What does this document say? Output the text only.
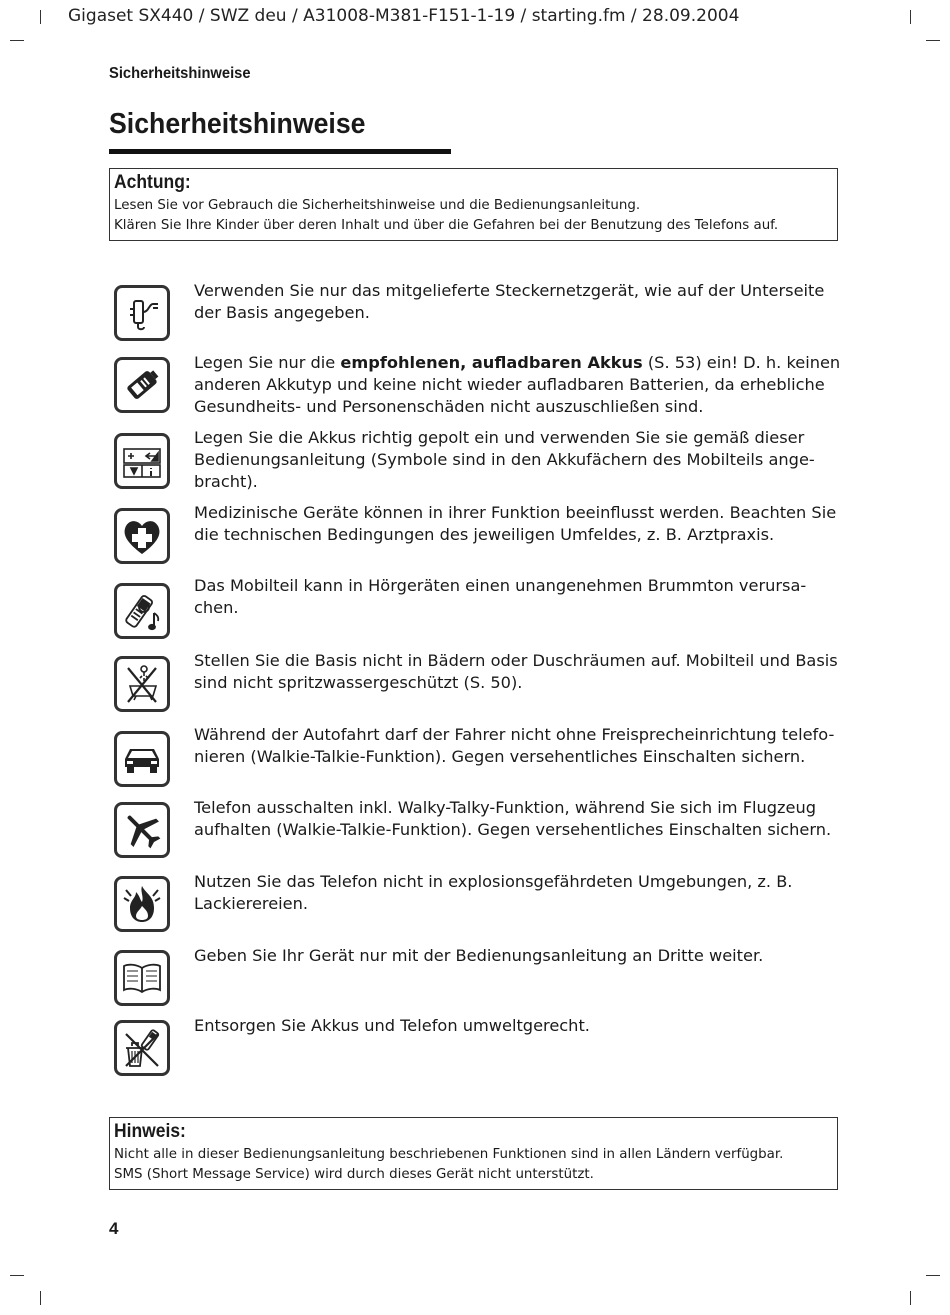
Gigaset SX440 / SWZ deu / A31008-M381-F151-1-19 / starting.fm / 28.09.2004
Sicherheitshinweise
Sicherheitshinweise
Achtung:

Lesen Sie vor Gebrauch die Sicherheitshinweise und die Bedienungsanleitung.

Klären Sie Ihre Kinder über deren Inhalt und über die Gefahren bei der Benutzung des Telefons auf.

Verwenden Sie nur das mitgelieferte Steckernetzgerät, wie auf der Unterseite der Basis angegeben.
Legen Sie nur die empfohlenen, aufladbaren Akkus (S. 53) ein! D. h. keinen anderen Akkutyp und keine nicht wieder aufladbaren Batterien, da erhebliche Gesundheits- und Personenschäden nicht auszuschließen sind.
Legen Sie die Akkus richtig gepolt ein und verwenden Sie sie gemäß dieser Bedienungsanleitung (Symbole sind in den Akkufächern des Mobilteils ange-bracht).
Medizinische Geräte können in ihrer Funktion beeinflusst werden. Beachten Sie die technischen Bedingungen des jeweiligen Umfeldes, z. B. Arztpraxis.
Das Mobilteil kann in Hörgeräten einen unangenehmen Brummton verursa-chen.
Stellen Sie die Basis nicht in Bädern oder Duschräumen auf. Mobilteil und Basis sind nicht spritzwassergeschützt (S. 50).
Während der Autofahrt darf der Fahrer nicht ohne Freisprecheinrichtung telefo-nieren (Walkie-Talkie-Funktion). Gegen versehentliches Einschalten sichern.
Telefon ausschalten inkl. Walky-Talky-Funktion, während Sie sich im Flugzeug aufhalten (Walkie-Talkie-Funktion). Gegen versehentliches Einschalten sichern.
Nutzen Sie das Telefon nicht in explosionsgefährdeten Umgebungen, z. B. Lackierereien.
Geben Sie Ihr Gerät nur mit der Bedienungsanleitung an Dritte weiter.
Entsorgen Sie Akkus und Telefon umweltgerecht.
Hinweis:

Nicht alle in dieser Bedienungsanleitung beschriebenen Funktionen sind in allen Ländern verfügbar.

SMS (Short Message Service) wird durch dieses Gerät nicht unterstützt.

4
